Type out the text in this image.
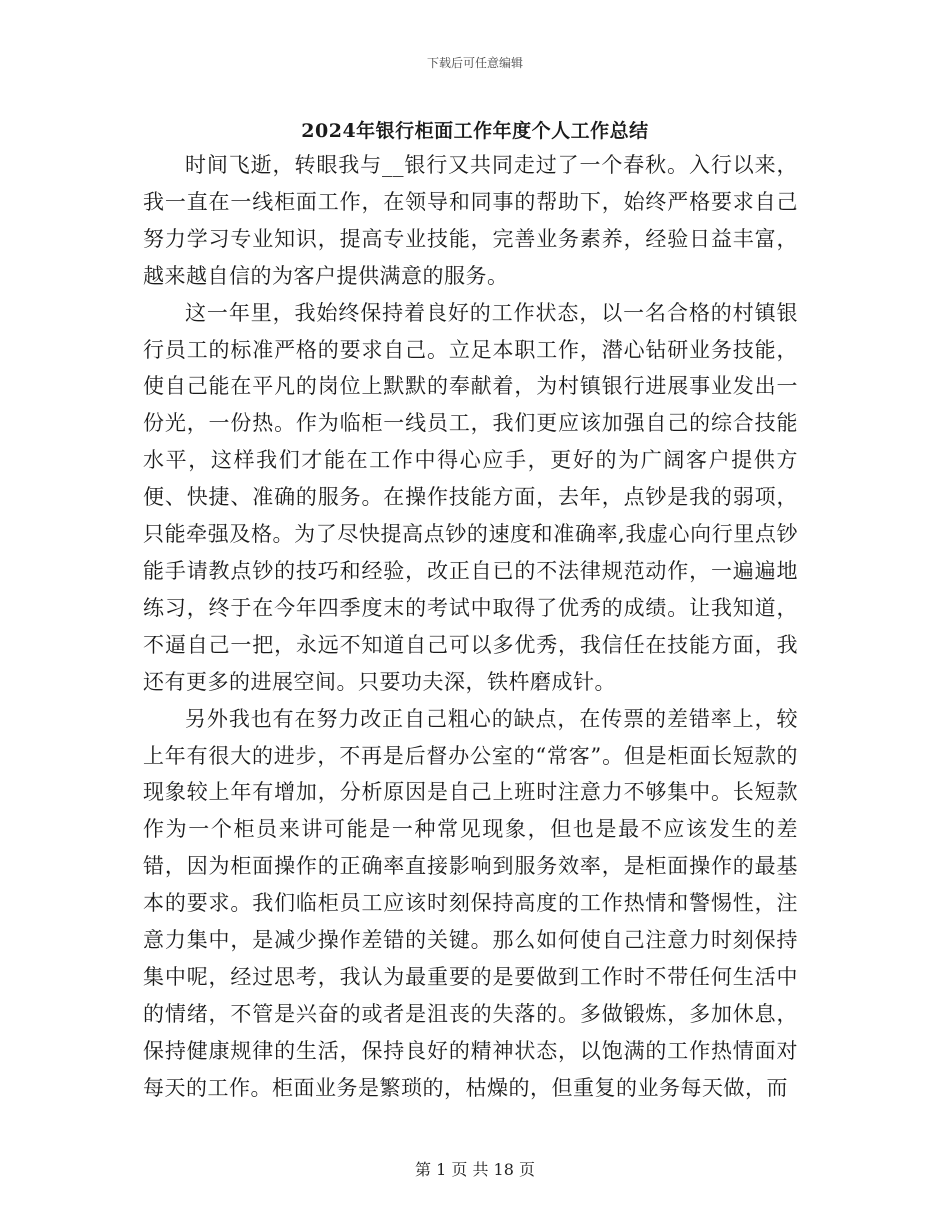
下载后可任意编辑
2024年银行柜面工作年度个人工作总结

时间飞逝，转眼我与__银行又共同走过了一个春秋。入行以来，我一直在一线柜面工作，在领导和同事的帮助下，始终严格要求自己努力学习专业知识，提高专业技能，完善业务素养，经验日益丰富，越来越自信的为客户提供满意的服务。

这一年里，我始终保持着良好的工作状态，以一名合格的村镇银行员工的标准严格的要求自己。立足本职工作，潜心钻研业务技能，使自己能在平凡的岗位上默默的奉献着，为村镇银行进展事业发出一份光，一份热。作为临柜一线员工，我们更应该加强自己的综合技能水平，这样我们才能在工作中得心应手，更好的为广阔客户提供方便、快捷、准确的服务。在操作技能方面，去年，点钞是我的弱项，只能牵强及格。为了尽快提高点钞的速度和准确率,我虚心向行里点钞能手请教点钞的技巧和经验，改正自已的不法律规范动作，一遍遍地练习，终于在今年四季度末的考试中取得了优秀的成绩。让我知道，不逼自己一把，永远不知道自己可以多优秀，我信任在技能方面，我还有更多的进展空间。只要功夫深，铁杵磨成针。

另外我也有在努力改正自己粗心的缺点，在传票的差错率上，较上年有很大的进步，不再是后督办公室的“常客”。但是柜面长短款的现象较上年有增加，分析原因是自己上班时注意力不够集中。长短款作为一个柜员来讲可能是一种常见现象，但也是最不应该发生的差错，因为柜面操作的正确率直接影响到服务效率，是柜面操作的最基本的要求。我们临柜员工应该时刻保持高度的工作热情和警惕性，注意力集中，是减少操作差错的关键。那么如何使自己注意力时刻保持集中呢，经过思考，我认为最重要的是要做到工作时不带任何生活中的情绪，不管是兴奋的或者是沮丧的失落的。多做锻炼，多加休息，保持健康规律的生活，保持良好的精神状态，以饱满的工作热情面对每天的工作。柜面业务是繁琐的，枯燥的，但重复的业务每天做，而

第 1 页 共 18 页
